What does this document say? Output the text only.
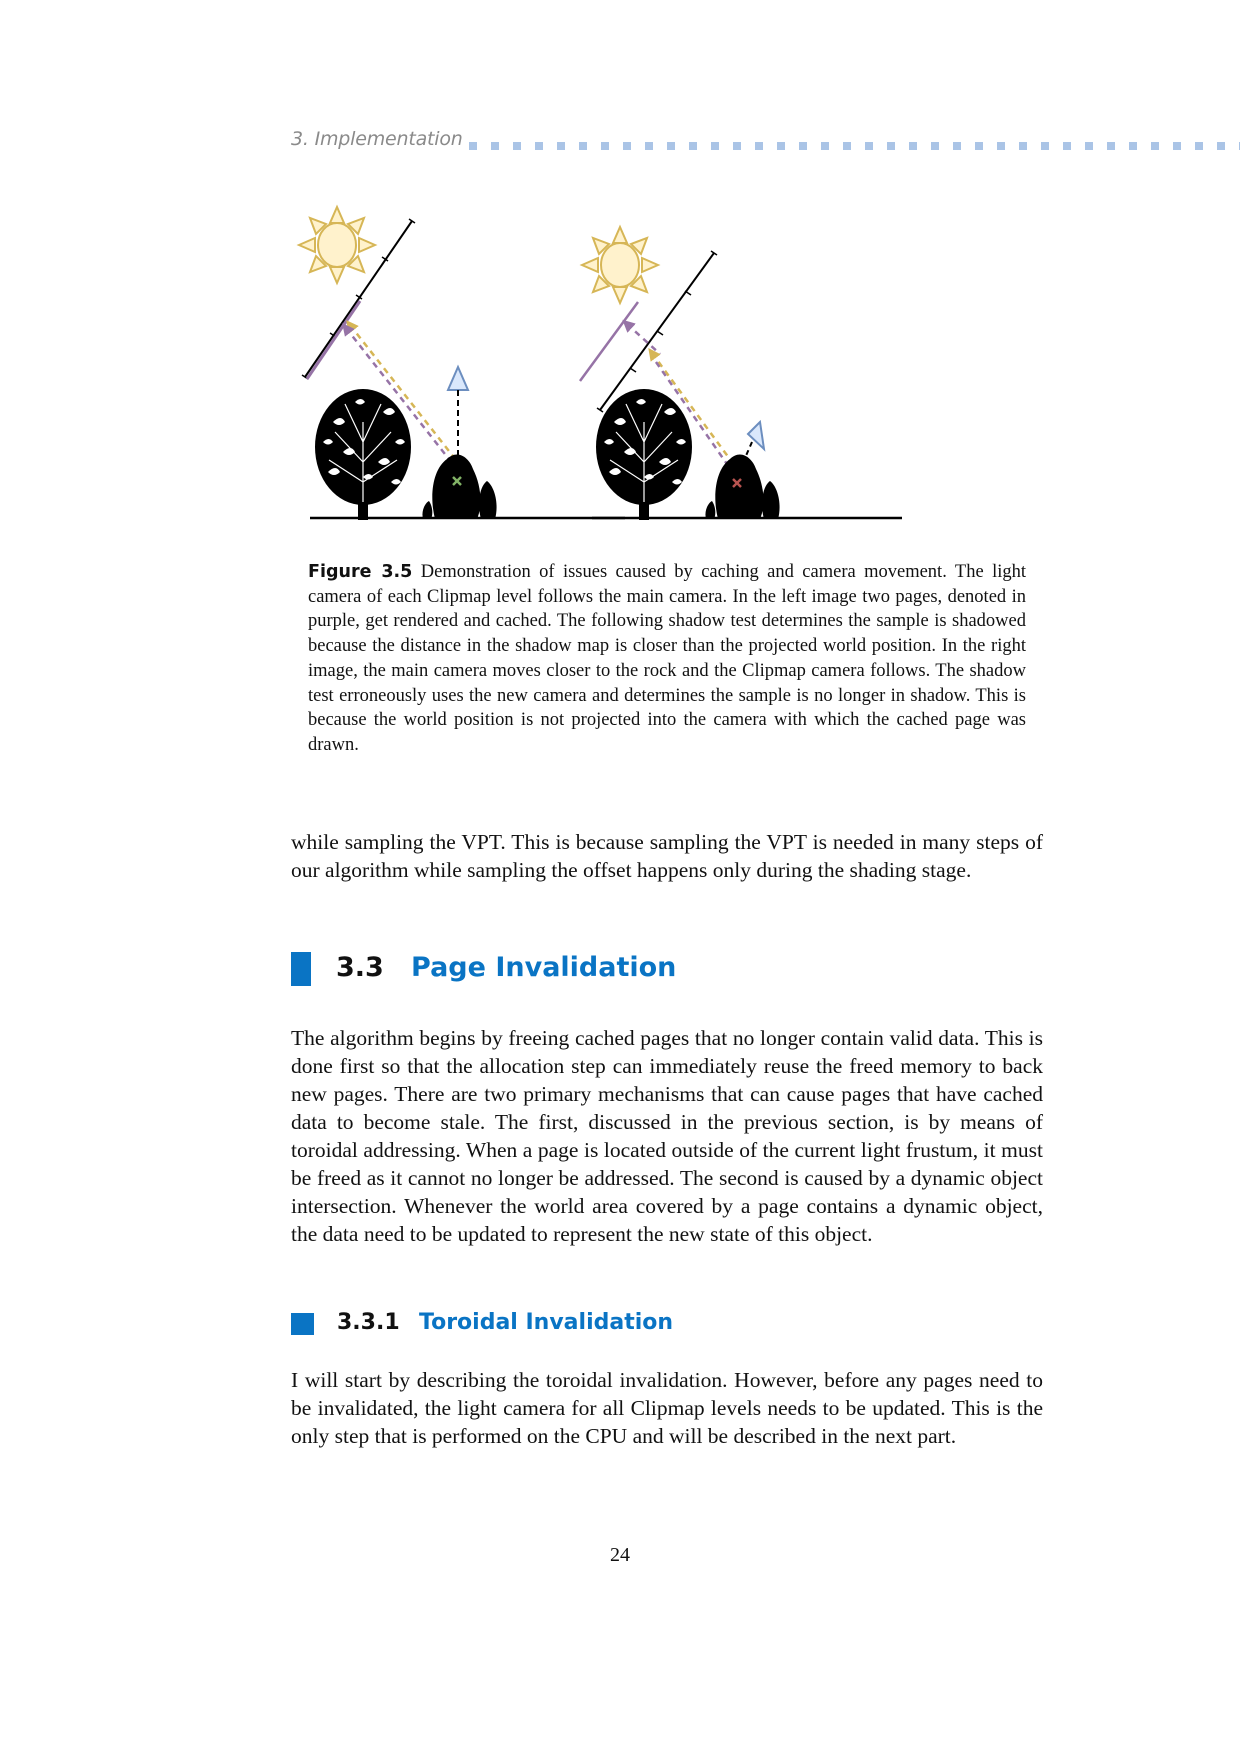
3. Implementation
Figure 3.5 Demonstration of issues caused by caching and camera movement. The light camera of each Clipmap level follows the main camera. In the left image two pages, denoted in purple, get rendered and cached. The following shadow test determines the sample is shadowed because the distance in the shadow map is closer than the projected world position. In the right image, the main camera moves closer to the rock and the Clipmap camera follows. The shadow test erroneously uses the new camera and determines the sample is no longer in shadow. This is because the world position is not projected into the camera with which the cached page was drawn.

while sampling the VPT. This is because sampling the VPT is needed in many steps of our algorithm while sampling the offset happens only during the shading stage.

3.3 Page Invalidation

The algorithm begins by freeing cached pages that no longer contain valid data. This is done first so that the allocation step can immediately reuse the freed memory to back new pages. There are two primary mechanisms that can cause pages that have cached data to become stale. The first, discussed in the previous section, is by means of toroidal addressing. When a page is located outside of the current light frustum, it must be freed as it cannot no longer be addressed. The second is caused by a dynamic object intersection. Whenever the world area covered by a page contains a dynamic object, the data need to be updated to represent the new state of this object.

3.3.1 Toroidal Invalidation

I will start by describing the toroidal invalidation. However, before any pages need to be invalidated, the light camera for all Clipmap levels needs to be updated. This is the only step that is performed on the CPU and will be described in the next part.

24
